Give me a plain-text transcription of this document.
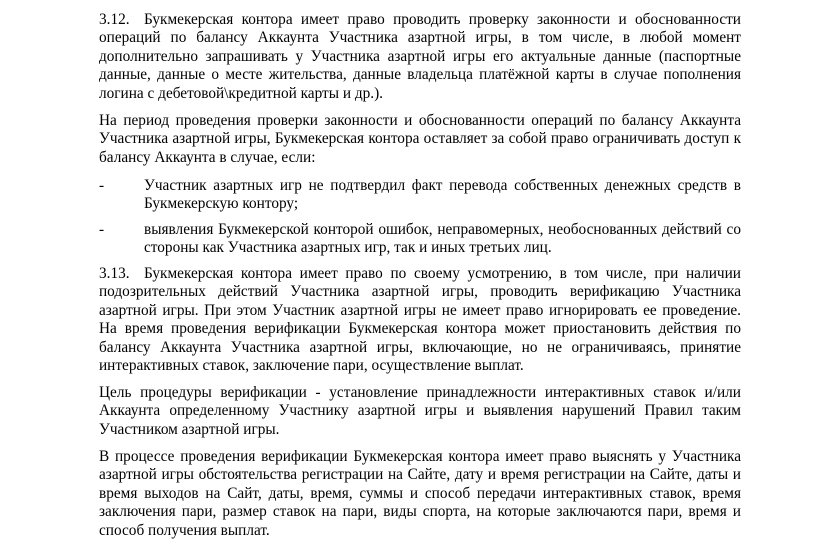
3.12. Букмекерская контора имеет право проводить проверку законности и обоснованности операций по балансу Аккаунта Участника азартной игры, в том числе, в любой момент дополнительно запрашивать у Участника азартной игры его актуальные данные (паспортные данные, данные о месте жительства, данные владельца платёжной карты в случае пополнения логина с дебетовой\кредитной карты и др.).

На период проведения проверки законности и обоснованности операций по балансу Аккаунта Участника азартной игры, Букмекерская контора оставляет за собой право ограничивать доступ к балансу Аккаунта в случае, если:

-	Участник азартных игр не подтвердил факт перевода собственных денежных средств в Букмекерскую контору;

-	выявления Букмекерской конторой ошибок, неправомерных, необоснованных действий со стороны как Участника азартных игр, так и иных третьих лиц.

3.13. Букмекерская контора имеет право по своему усмотрению, в том числе, при наличии подозрительных действий Участника азартной игры, проводить верификацию Участника азартной игры. При этом Участник азартной игры не имеет право игнорировать ее проведение. На время проведения верификации Букмекерская контора может приостановить действия по балансу Аккаунта Участника азартной игры, включающие, но не ограничиваясь, принятие интерактивных ставок, заключение пари, осуществление выплат.

Цель процедуры верификации - установление принадлежности интерактивных ставок и/или Аккаунта определенному Участнику азартной игры и выявления нарушений Правил таким Участником азартной игры.

В процессе проведения верификации Букмекерская контора имеет право выяснять у Участника азартной игры обстоятельства регистрации на Сайте, дату и время регистрации на Сайте, даты и время выходов на Сайт, даты, время, суммы и способ передачи интерактивных ставок, время заключения пари, размер ставок на пари, виды спорта, на которые заключаются пари, время и способ получения выплат.
